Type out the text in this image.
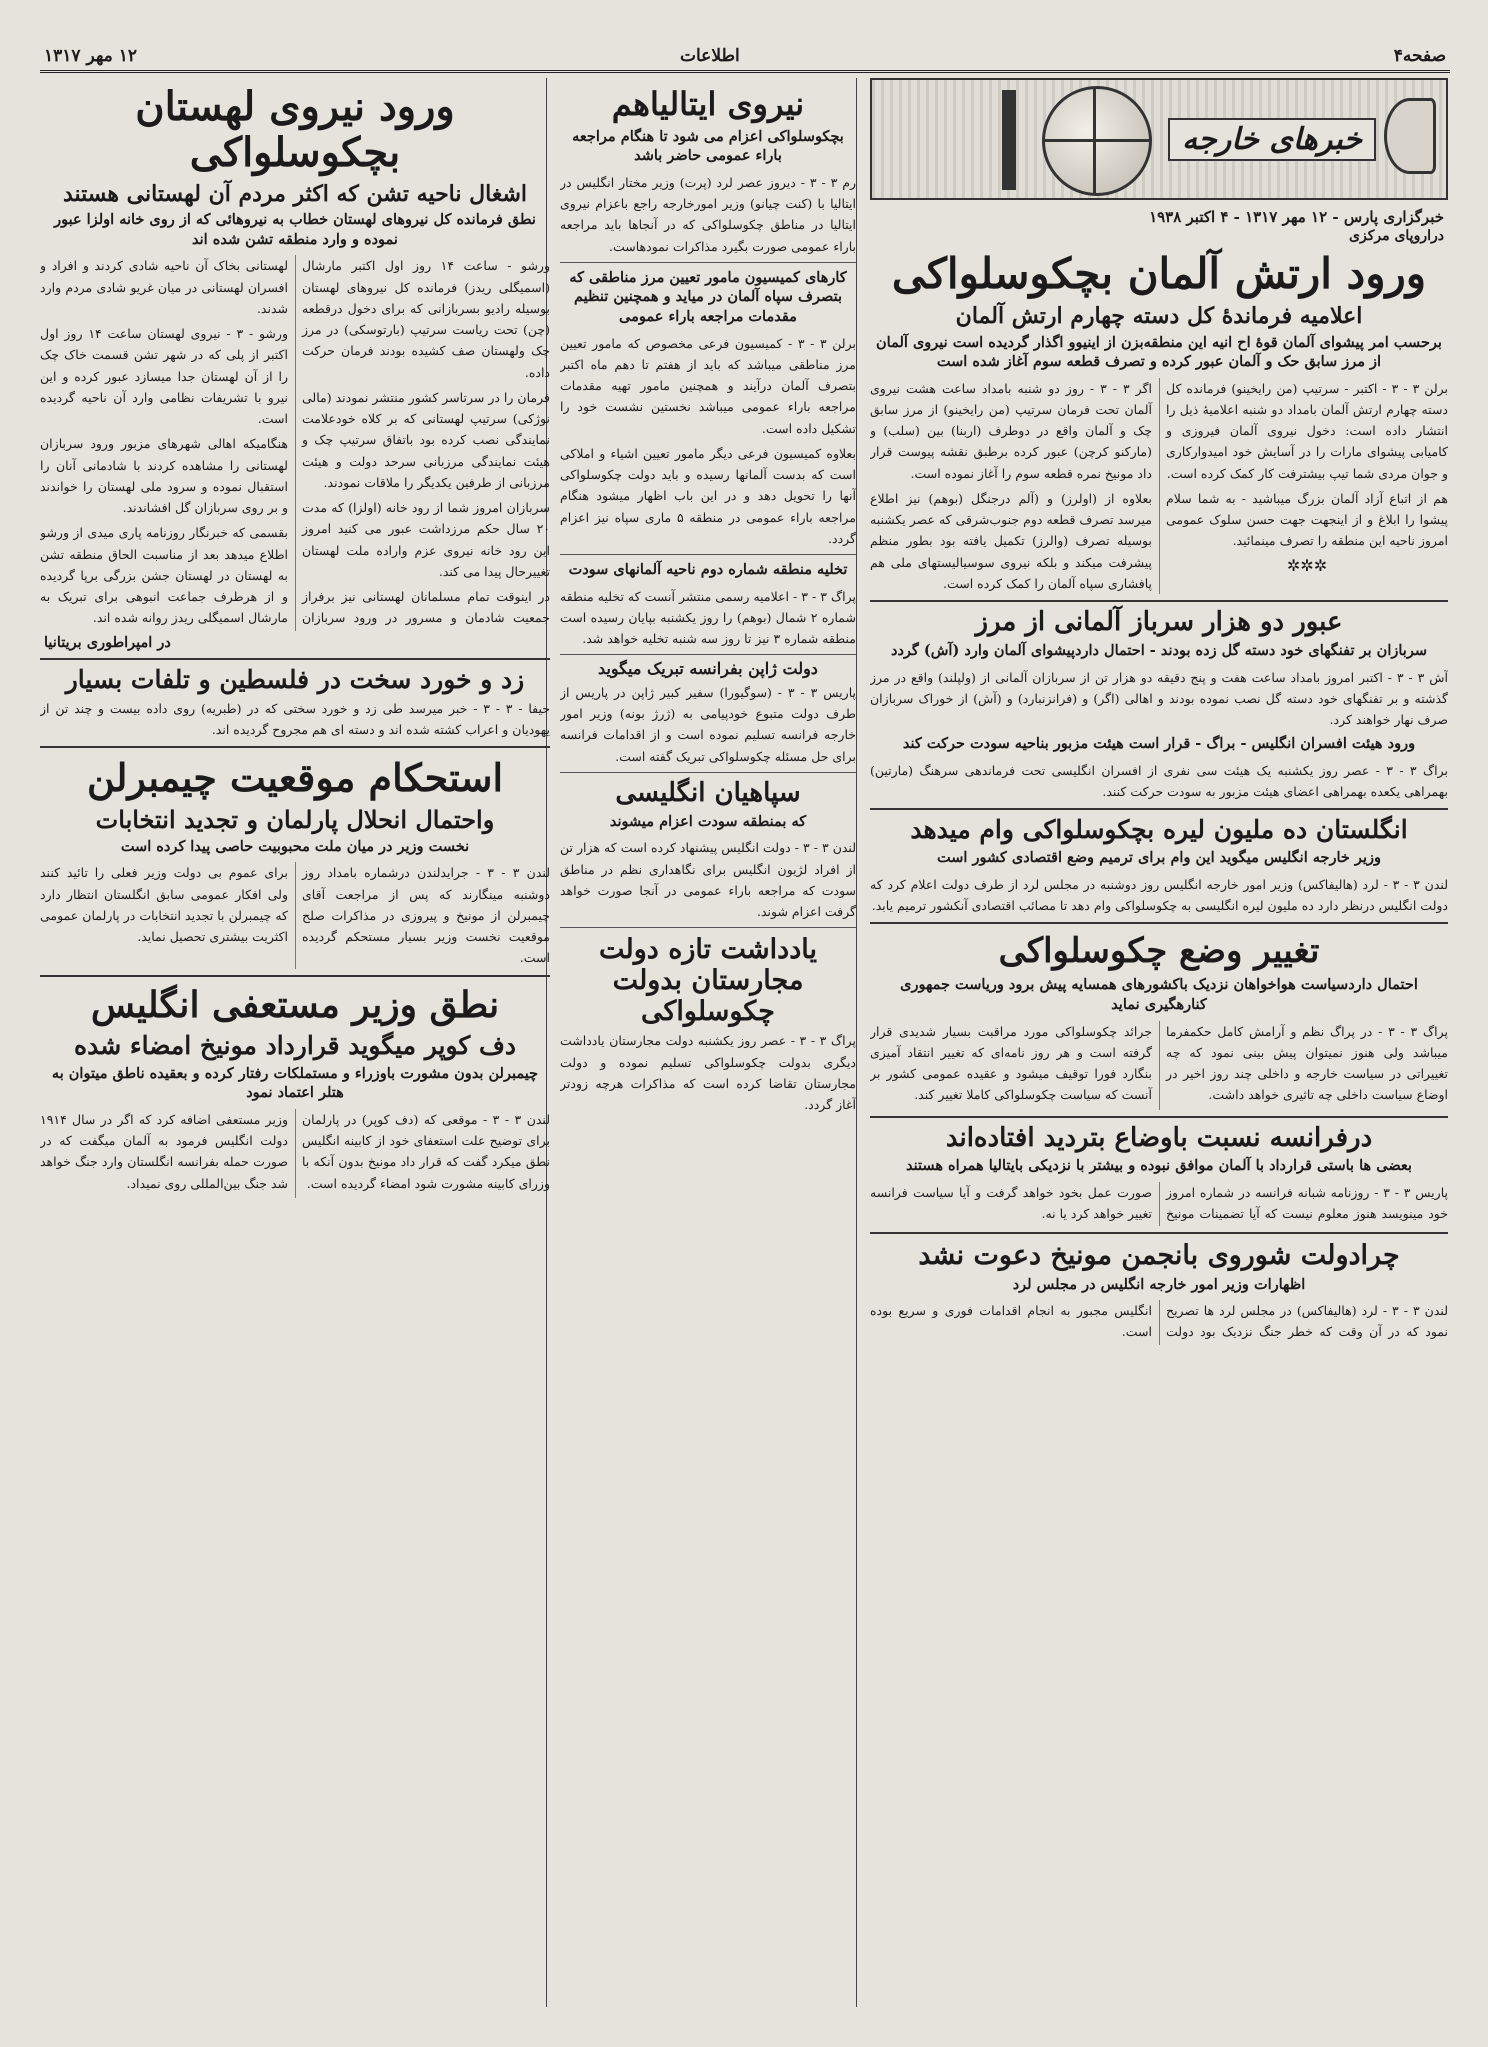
صفحه۴
اطلاعات
۱۲ مهر ۱۳۱۷
خبرهای خارجه
خبرگزاری پارس - ۱۲ مهر ۱۳۱۷ - ۴ اکتبر ۱۹۳۸
دراروپای مرکزی
ورود ارتش آلمان بچکوسلواکی
اعلامیه فرماندهٔ کل دسته چهارم ارتش آلمان
برحسب امر پیشوای آلمان قوهٔ اح انیه این منطقه‌بزن از اینیوو اگذار گردیده است نیروی آلمان از مرز سابق حک و آلمان عبور کرده و تصرف قطعه سوم آغاز شده است

برلن ۳ - ۳ - اکتبر - سرتیپ (من‌ رایخینو) فرمانده کل دسته چهارم ارتش آلمان بامداد دو شنبه اعلامیهٔ ذیل را انتشار داده است: دخول نیروی آلمان فیروزی و کامیابی پیشوای مارات را در آسایش خود امیدوارکاری و جوان‌ مردی شما تیپ بیشترفت کار کمک کرده است.

هم از اتباع آزاد آلمان بزرگ میباشید - به شما سلام پیشوا را ابلاغ و از اینجهت جهت حسن سلوک عمومی امروز ناحیه این منطقه را تصرف مینمائید.

✲✲✲

اگر ۳ - ۳ - روز دو شنبه بامداد ساعت هشت نیروی آلمان تحت فرمان سرتیپ (من‌ رایخینو) از مرز سابق چک و آلمان واقع در دوطرف (اربنا) بین (سلب) و (مارکنو کرچن) عبور کرده برطبق نقشه پیوست قرار داد مونیخ نمره قطعه سوم را آغاز نموده است.

بعلاوه از (اولرز) و (آلم درجنگل (بوهم) نیز اطلاع میرسد تصرف قطعه دوم جنوب‌شرقی که عصر یکشنبه بوسیله تصرف (والرز) تکمیل یافته بود بطور منظم پیشرفت میکند و بلکه نیروی سوسیالیستهای ملی هم پافشاری سپاه آلمان را کمک کرده است.

عبور دو هزار سرباز آلمانی از مرز
سربازان بر تفنگهای خود دسته گل زده بودند - احتمال داردپیشوای آلمان وارد (آش) گردد

آش ۳ - ۳ - اکتبر امروز بامداد ساعت هفت و پنج دقیقه دو هزار تن از سربازان آلمانی از (ولپلند) واقع در مرز گذشته و بر تفنگهای خود دسته گل نصب نموده بودند و اهالی (اگر) و (فرانزنبارد) و (آش) از خوراک سربازان صرف نهار خواهند کرد.

ورود هیئت افسران انگلیس - براگ - قرار است هیئت مزبور بناحیه سودت حرکت کند

براگ ۳ - ۳ - عصر روز یکشنبه یک هیئت سی نفری از افسران انگلیسی تحت فرماندهی سرهنگ (مارتین) بهمراهی یکعده بهمراهی اعضای هیئت مزبور به سودت حرکت کنند.

انگلستان ده ملیون لیره بچکوسلواکی وام میدهد
وزیر خارجه انگلیس میگوید این وام برای ترمیم وضع اقتصادی کشور است

لندن ۳ - ۳ - لرد (هالیفاکس) وزیر امور خارجه انگلیس روز دوشنبه در مجلس لرد از طرف دولت اعلام کرد که دولت انگلیس درنظر دارد ده ملیون لیره انگلیسی به چکوسلواکی وام دهد تا مصائب اقتصادی آنکشور ترمیم یابد.

تغییر وضع چکوسلواکی
احتمال داردسیاست هواخواهان نزدیک باکشورهای همسایه پیش برود وریاست جمهوری کنارهگیری نماید

پراگ ۳ - ۳ - در پراگ نظم و آرامش کامل حکمفرما میباشد ولی هنوز نمیتوان پیش بینی نمود که چه تغییراتی در سیاست خارجه و داخلی چند روز اخیر در اوضاع سیاست داخلی چه تاثیری خواهد داشت.

جرائد چکوسلواکی مورد مراقبت بسیار شدیدی قرار گرفته است و هر روز نامه‌ای که تغییر انتقاد آمیزی بنگارد فورا توقیف میشود و عقیده عمومی کشور بر آنست که سیاست چکوسلواکی کاملا تغییر کند.

درفرانسه نسبت باوضاع بتردید افتاده‌اند
بعضی ها باستی قرارداد با آلمان موافق نبوده و بیشتر با نزدیکی بایتالیا همراه هستند

پاریس ۳ - ۳ - روزنامه شبانه فرانسه در شماره امروز خود مینویسد هنوز معلوم نیست که آیا تضمینات مونیخ صورت عمل بخود خواهد گرفت و آیا سیاست فرانسه تغییر خواهد کرد یا نه.

چرادولت شوروی بانجمن مونیخ دعوت نشد
اظهارات وزیر امور خارجه انگلیس در مجلس لرد

لندن ۳ - ۳ - لرد (هالیفاکس) در مجلس لرد ها تصریح نمود که در آن وقت که خطر جنگ نزدیک بود دولت انگلیس مجبور به انجام اقدامات فوری و سریع بوده است.

نیروی ایتالیاهم
بچکوسلواکی اعزام می شود تا هنگام مراجعه باراء عمومی حاضر باشد

رم ۳ - ۳ - دیروز عصر لرد (پرت) وزیر مختار انگلیس در ایتالیا با (کنت چیانو) وزیر امورخارجه راجع باعزام نیروی ایتالیا در مناطق چکوسلواکی که در آنجاها باید مراجعه باراء عمومی صورت بگیرد مذاکرات نمودهاست.

کارهای کمیسیون مامور تعیین مرز مناطقی که بتصرف سپاه آلمان در میاید و همچنین تنظیم مقدمات مراجعه باراء عمومی

برلن ۳ - ۳ - کمیسیون فرعی مخصوص که مامور تعیین مرز مناطقی میباشد که باید از هفتم تا دهم ماه اکتبر بتصرف آلمان درآیند و همچنین مامور تهیه مقدمات مراجعه باراء عمومی میباشد نخستین نشست خود را تشکیل داده است.

بعلاوه کمیسیون فرعی دیگر مامور تعیین اشیاء و املاکی است که بدست آلمانها رسیده و باید دولت چکوسلواکی آنها را تحویل دهد و در این باب اظهار میشود هنگام مراجعه باراء عمومی در منطقه ۵ ماری سپاه نیز اعزام گردد.

تخلیه منطقه شماره دوم ناحیه آلمانهای سودت

پراگ ۳ - ۳ - اعلامیه رسمی منتشر آنست که تخلیه منطقه شماره ۲ شمال (بوهم) را روز یکشنبه بپایان رسیده است منطقه شماره ۳ نیز تا روز سه شنبه تخلیه خواهد شد.

دولت ژاپن بفرانسه تبریک میگوید

پاریس ۳ - ۳ - (سوگیورا) سفیر کبیر ژاپن در پاریس از طرف دولت متبوع خودپیامی به (ژرژ بونه) وزیر امور خارجه فرانسه تسلیم نموده است و از اقدامات فرانسه برای حل مسئله چکوسلواکی تبریک گفته است.

سپاهیان انگلیسی
که بمنطقه سودت اعزام میشوند

لندن ۳ - ۳ - دولت انگلیس پیشنهاد کرده است که هزار تن از افراد لژیون انگلیس برای نگاهداری نظم در مناطق سودت که مراجعه باراء عمومی در آنجا صورت خواهد گرفت اعزام شوند.

یادداشت تازه دولت مجارستان بدولت چکوسلواکی

پراگ ۳ - ۳ - عصر روز یکشنبه دولت مجارستان یادداشت دیگری بدولت چکوسلواکی تسلیم نموده و دولت مجارستان تقاضا کرده است که مذاکرات هرچه زودتر آغاز گردد.

ورود نیروی لهستان بچکوسلواکی
اشغال ناحیه تشن که اکثر مردم آن لهستانی هستند
نطق فرمانده کل نیروهای لهستان خطاب به نیروهائی که از روی خانه اولزا عبور نموده و وارد منطقه تشن شده اند

ورشو - ساعت ۱۴ روز اول اکتبر مارشال (اسمیگلی ریدز) فرمانده کل نیروهای لهستان بوسیله رادیو بسربازانی که برای دخول درقطعه (چن) تحت ریاست سرتیپ (بارتوسکی) در مرز چک ولهستان صف کشیده بودند فرمان حرکت داده.

فرمان را در سرتاسر کشور منتشر نمودند (مالی نوژکی) سرتیپ لهستانی که بر کلاه خودعلامت نمایندگی نصب کرده بود باتفاق سرتیپ چک و هیئت نمایندگی مرزبانی سرحد دولت و هیئت مرزبانی از طرفین یکدیگر را ملاقات نمودند.

سربازان امروز شما از رود خانه (اولزا) که مدت ۲۰ سال حکم مرزداشت عبور می کنید امروز این رود خانه نیروی عزم واراده ملت لهستان تغییرحال پیدا می کند.

در اینوقت تمام مسلمانان لهستانی نیز برفراز جمعیت شادمان و مسرور در ورود سربازان لهستانی بخاک آن ناحیه شادی کردند و افراد و افسران لهستانی در میان غریو شادی مردم وارد شدند.

ورشو - ۳ - نیروی لهستان ساعت ۱۴ روز اول اکتبر از پلی که در شهر تشن قسمت خاک چک را از آن لهستان جدا میسازد عبور کرده و این نیرو با تشریفات نظامی وارد آن ناحیه گردیده است.

هنگامیکه اهالی شهرهای مزبور ورود سربازان لهستانی را مشاهده کردند با شادمانی آنان را استقبال نموده و سرود ملی لهستان را خواندند و بر روی سربازان گل افشاندند.

بقسمی که خبرنگار روزنامه پاری میدی از ورشو اطلاع میدهد بعد از مناسبت الحاق منطقه تشن به لهستان در لهستان جشن بزرگی برپا گردیده و از هرطرف جماعت انبوهی برای تبریک به مارشال اسمیگلی ریدز روانه شده اند.

در امپراطوری بریتانیا
زد و خورد سخت در فلسطین و تلفات بسیار

حیفا - ۳ - ۳ - خبر میرسد طی زد و خورد سختی که در (طبریه) روی داده بیست و چند تن از یهودیان و اعراب کشته شده اند و دسته ای هم مجروح گردیده اند.

استحکام موقعیت چیمبرلن
واحتمال انحلال پارلمان و تجدید انتخابات
نخست وزیر در میان ملت محبوبیت حاصی پیدا کرده است

لندن ۳ - ۳ - جرایدلندن درشماره بامداد روز دوشنبه مینگارند که پس از مراجعت آقای چیمبرلن از مونیخ و پیروزی در مذاکرات صلح موقعیت نخست وزیر بسیار مستحکم گردیده است.

برای عموم بی دولت وزیر فعلی را تائید کنند ولی افکار عمومی سابق انگلستان انتظار دارد که چیمبرلن با تجدید انتخابات در پارلمان عمومی اکثریت بیشتری تحصیل نماید.

نطق وزیر مستعفی انگلیس
دف کوپر میگوید قرارداد مونیخ امضاء شده
چیمبرلن بدون مشورت باوزراء و مستملکات رفتار کرده و بعقیده ناطق میتوان به هتلر اعتماد نمود

لندن ۳ - ۳ - موقعی که (دف کوپر) در پارلمان برای توضیح علت استعفای خود از کابینه انگلیس نطق میکرد گفت که قرار داد مونیخ بدون آنکه با وزرای کابینه مشورت شود امضاء گردیده است.

وزیر مستعفی اضافه کرد که اگر در سال ۱۹۱۴ دولت انگلیس فرمود به آلمان میگفت که در صورت حمله بفرانسه انگلستان وارد جنگ خواهد شد جنگ بین‌المللی روی نمیداد.
